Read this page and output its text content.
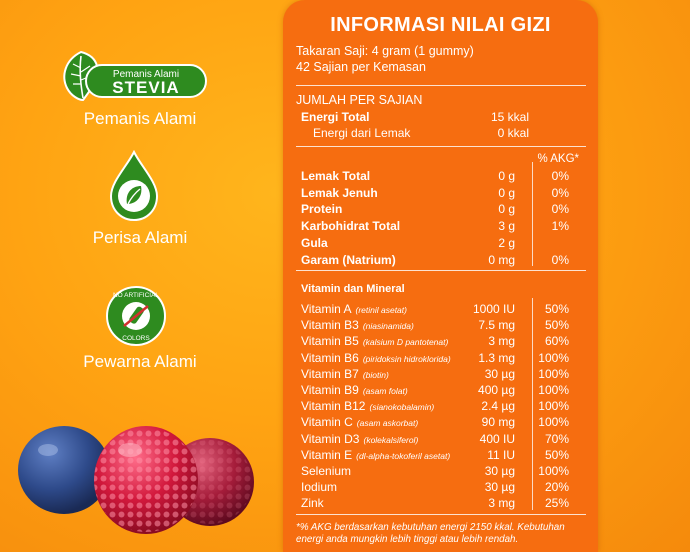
Pemanis Alami
STEVIA
Pemanis Alami
Perisa Alami
NO ARTIFICIAL
COLORS
Pewarna Alami
INFORMASI NILAI GIZI
Takaran Saji: 4 gram (1 gummy)
42 Sajian per Kemasan
JUMLAH PER SAJIAN
Energi Total	15 kkal
Energi dari Lemak	0 kkal
% AKG*
Lemak Total	0 g	0%
Lemak Jenuh	0 g	0%
Protein	0 g	0%
Karbohidrat Total	3 g	1%
Gula	2 g
Garam (Natrium)	0 mg	0%
Vitamin dan Mineral
Vitamin A (retinil asetat)	1000 IU 50%
Vitamin B3 (niasinamida)	7.5 mg 50%
Vitamin B5 (kalsium D pantotenat)	3 mg 60%
Vitamin B6 (piridoksin hidroklorida) 1.3 mg 100%
Vitamin B7 (biotin)	30 µg 100%
Vitamin B9 (asam folat)	400 µg 100%
Vitamin B12 (sianokobalamin)	2.4 µg 100%
Vitamin C (asam askorbat)	90 mg 100%
Vitamin D3 (kolekalsiferol)	400 IU 70%
Vitamin E (dl-alpha-tokoferil asetat)	11 IU 50%
Selenium	30 µg 100%
Iodium	30 µg 20%
Zink	3 mg 25%
*% AKG berdasarkan kebutuhan energi 2150 kkal. Kebutuhan energi anda mungkin lebih tinggi atau lebih rendah.
